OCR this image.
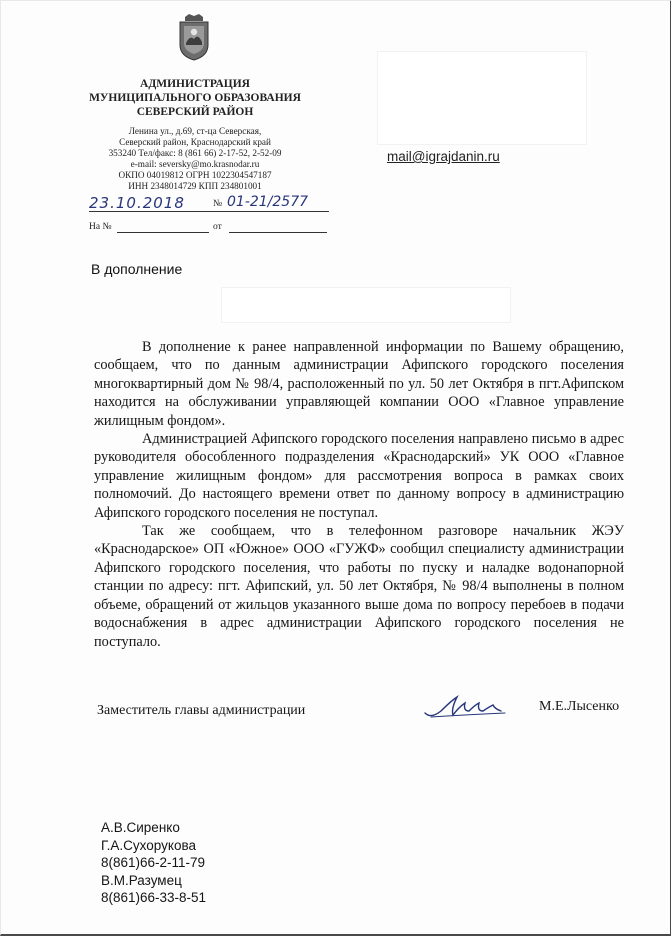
АДМИНИСТРАЦИЯ
МУНИЦИПАЛЬНОГО ОБРАЗОВАНИЯ
СЕВЕРСКИЙ РАЙОН
Ленина ул., д.69, ст-ца Северская,
Северский район, Краснодарский край
353240 Тел/факс: 8 (861 66) 2-17-52, 2-52-09
e-mail: seversky@mo.krasnodar.ru
ОКПО 04019812 ОГРН 1022304547187
ИНН 2348014729 КПП 234801001
23.10.2018	№ 01-21/2577
На №	от
mail@igrajdanin.ru
В дополнение

В дополнение к ранее направленной информации по Вашему обращению, сообщаем, что по данным администрации Афипского городского поселения многоквартирный дом № 98/4, расположенный по ул. 50 лет Октября в пгт.Афипском находится на обслуживании управляющей компании ООО «Главное управление жилищным фондом».

Администрацией Афипского городского поселения направлено письмо в адрес руководителя обособленного подразделения «Краснодарский» УК ООО «Главное управление жилищным фондом» для рассмотрения вопроса в рамках своих полномочий. До настоящего времени ответ по данному вопросу в администрацию Афипского городского поселения не поступал.

Так же сообщаем, что в телефонном разговоре начальник ЖЭУ «Краснодарское» ОП «Южное» ООО «ГУЖФ» сообщил специалисту администрации Афипского городского поселения, что работы по пуску и наладке водонапорной станции по адресу: пгт. Афипский, ул. 50 лет Октября, № 98/4 выполнены в полном объеме, обращений от жильцов указанного выше дома по вопросу перебоев в подачи водоснабжения в адрес администрации Афипского городского поселения не поступало.

Заместитель главы администрации	М.Е.Лысенко
А.В.Сиренко
Г.А.Сухорукова
8(861)66-2-11-79
В.М.Разумец
8(861)66-33-8-51
